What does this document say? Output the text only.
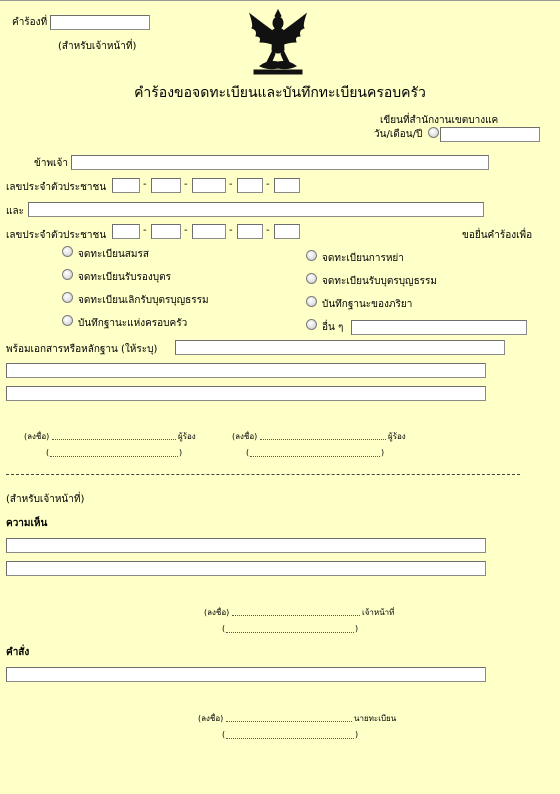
คำร้องที่
(สำหรับเจ้าหน้าที่)
คำร้องขอจดทะเบียนและบันทึกทะเบียนครอบครัว
เขียนที่สำนักงานเขตบางแค
วัน/เดือน/ปี
ข้าพเจ้า
เลขประจำตัวประชาชน	-	-	-	-
และ
เลขประจำตัวประชาชน	-	-	-	-	ขอยื่นคำร้องเพื่อ
จดทะเบียนสมรส
จดทะเบียนรับรองบุตร
จดทะเบียนเลิกรับบุตรบุญธรรม
บันทึกฐานะแห่งครอบครัว
จดทะเบียนการหย่า
จดทะเบียนรับบุตรบุญธรรม
บันทึกฐานะของภริยา
อื่น ๆ
พร้อมเอกสารหรือหลักฐาน (ให้ระบุ)
(ลงชื่อ)	ผู้ร้อง
(	)
(ลงชื่อ)	ผู้ร้อง
(	)
(สำหรับเจ้าหน้าที่)
ความเห็น
(ลงชื่อ)	เจ้าหน้าที่
(	)
คำสั่ง
(ลงชื่อ)	นายทะเบียน
(	)
